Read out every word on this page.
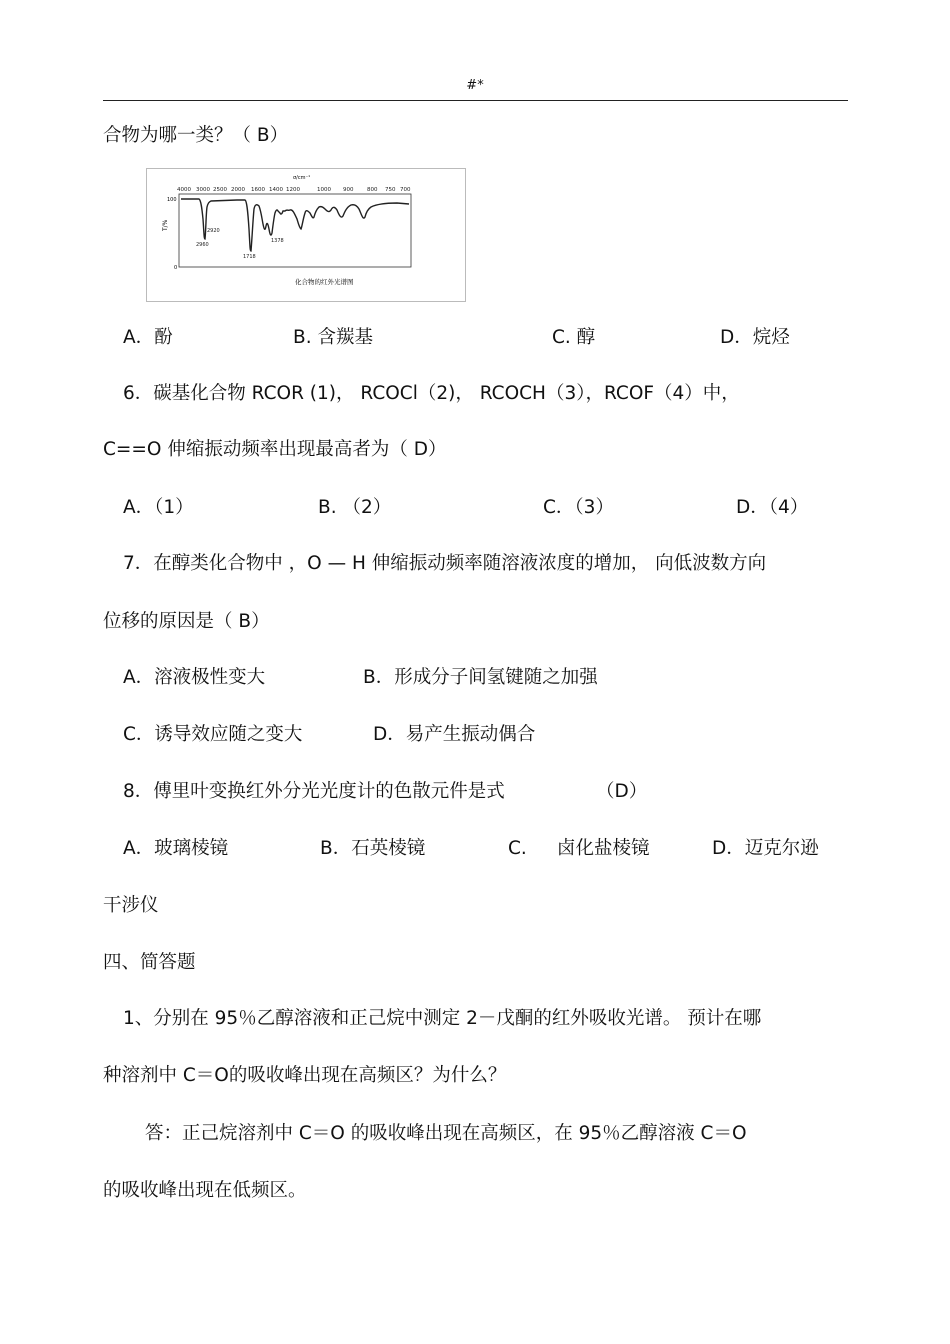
#*
合物为哪一类？（ B）
σ/cm⁻¹
4000 3000 2500 2000 1600 1400 1200	1000 900 800 750 700
100
0
T/%
2960
2920
1718
1378
化合物的红外光谱图
A．酚	B. 含羰基	C. 醇	D．烷烃
6．碳基化合物 RCOR (1)， RCOCl（2)， RCOCH（3），RCOF（4）中，
C==O 伸缩振动频率出现最高者为（ D）
A．（1）	B. （2）	C．（3）	D．（4）
7．在醇类化合物中 ，O — H 伸缩振动频率随溶液浓度的增加， 向低波数方向
位移的原因是（ B）
A．溶液极性变大	B．形成分子间氢键随之加强
C．诱导效应随之变大	D．易产生振动偶合
8．傅里叶变换红外分光光度计的色散元件是式	（D）
A．玻璃棱镜	B．石英棱镜	C. 卤化盐棱镜	D．迈克尔逊
干涉仪
四、简答题
1、分别在 95％乙醇溶液和正己烷中测定 2－戊酮的红外吸收光谱。 预计在哪
种溶剂中 C＝O的吸收峰出现在高频区？为什么？
答：正己烷溶剂中 C＝O 的吸收峰出现在高频区，在 95％乙醇溶液 C＝O
的吸收峰出现在低频区。
